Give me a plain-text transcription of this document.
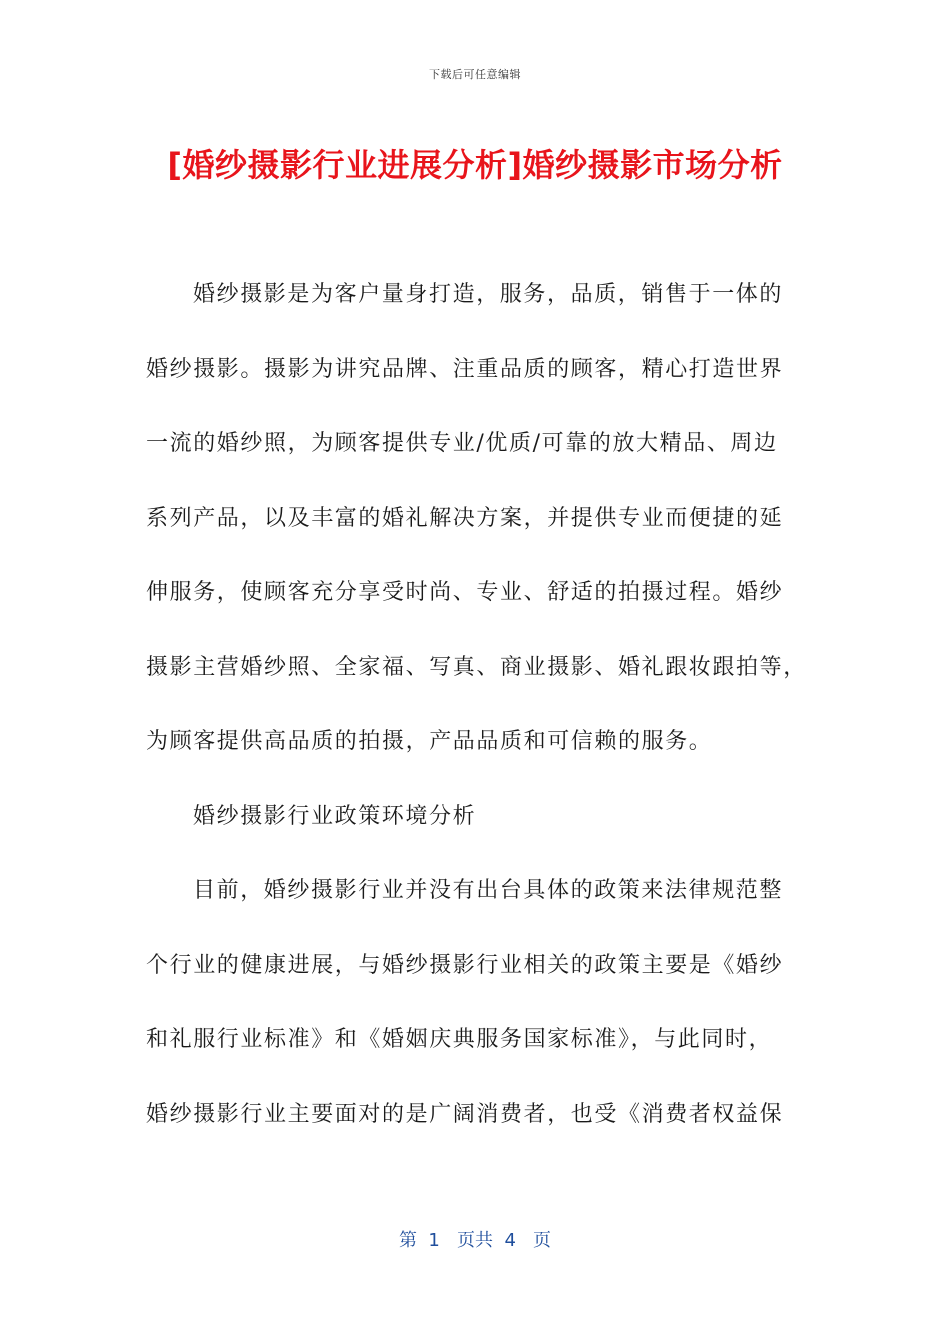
下载后可任意编辑
[婚纱摄影行业进展分析]婚纱摄影市场分析
婚纱摄影是为客户量身打造，服务，品质，销售于一体的
婚纱摄影。摄影为讲究品牌、注重品质的顾客，精心打造世界
一流的婚纱照，为顾客提供专业/优质/可靠的放大精品、周边
系列产品，以及丰富的婚礼解决方案，并提供专业而便捷的延
伸服务，使顾客充分享受时尚、专业、舒适的拍摄过程。婚纱
摄影主营婚纱照、全家福、写真、商业摄影、婚礼跟妆跟拍等，
为顾客提供高品质的拍摄，产品品质和可信赖的服务。
婚纱摄影行业政策环境分析
目前，婚纱摄影行业并没有出台具体的政策来法律规范整
个行业的健康进展，与婚纱摄影行业相关的政策主要是《婚纱
和礼服行业标准》和《婚姻庆典服务国家标准》，与此同时，
婚纱摄影行业主要面对的是广阔消费者，也受《消费者权益保
第  1   页共  4   页
